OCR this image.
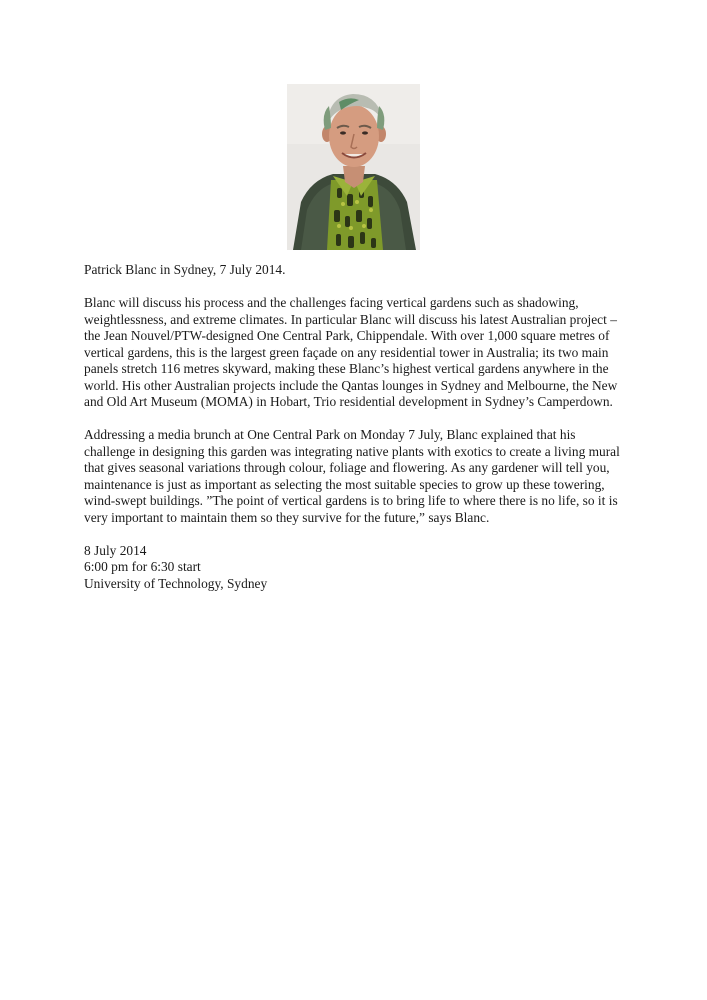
Patrick Blanc in Sydney, 7 July 2014.

Blanc will discuss his process and the challenges facing vertical gardens such as shadowing, weightlessness, and extreme climates. In particular Blanc will discuss his latest Australian project – the Jean Nouvel/PTW-designed One Central Park, Chippendale. With over 1,000 square metres of vertical gardens, this is the largest green façade on any residential tower in Australia; its two main panels stretch 116 metres skyward, making these Blanc’s highest vertical gardens anywhere in the world. His other Australian projects include the Qantas lounges in Sydney and Melbourne, the New and Old Art Museum (MOMA) in Hobart, Trio residential development in Sydney’s Camperdown.

Addressing a media brunch at One Central Park on Monday 7 July, Blanc explained that his challenge in designing this garden was integrating native plants with exotics to create a living mural that gives seasonal variations through colour, foliage and flowering. As any gardener will tell you, maintenance is just as important as selecting the most suitable species to grow up these towering, wind-swept buildings. ”The point of vertical gardens is to bring life to where there is no life, so it is very important to maintain them so they survive for the future,” says Blanc.

8 July 2014
6:00 pm for 6:30 start
University of Technology, Sydney
